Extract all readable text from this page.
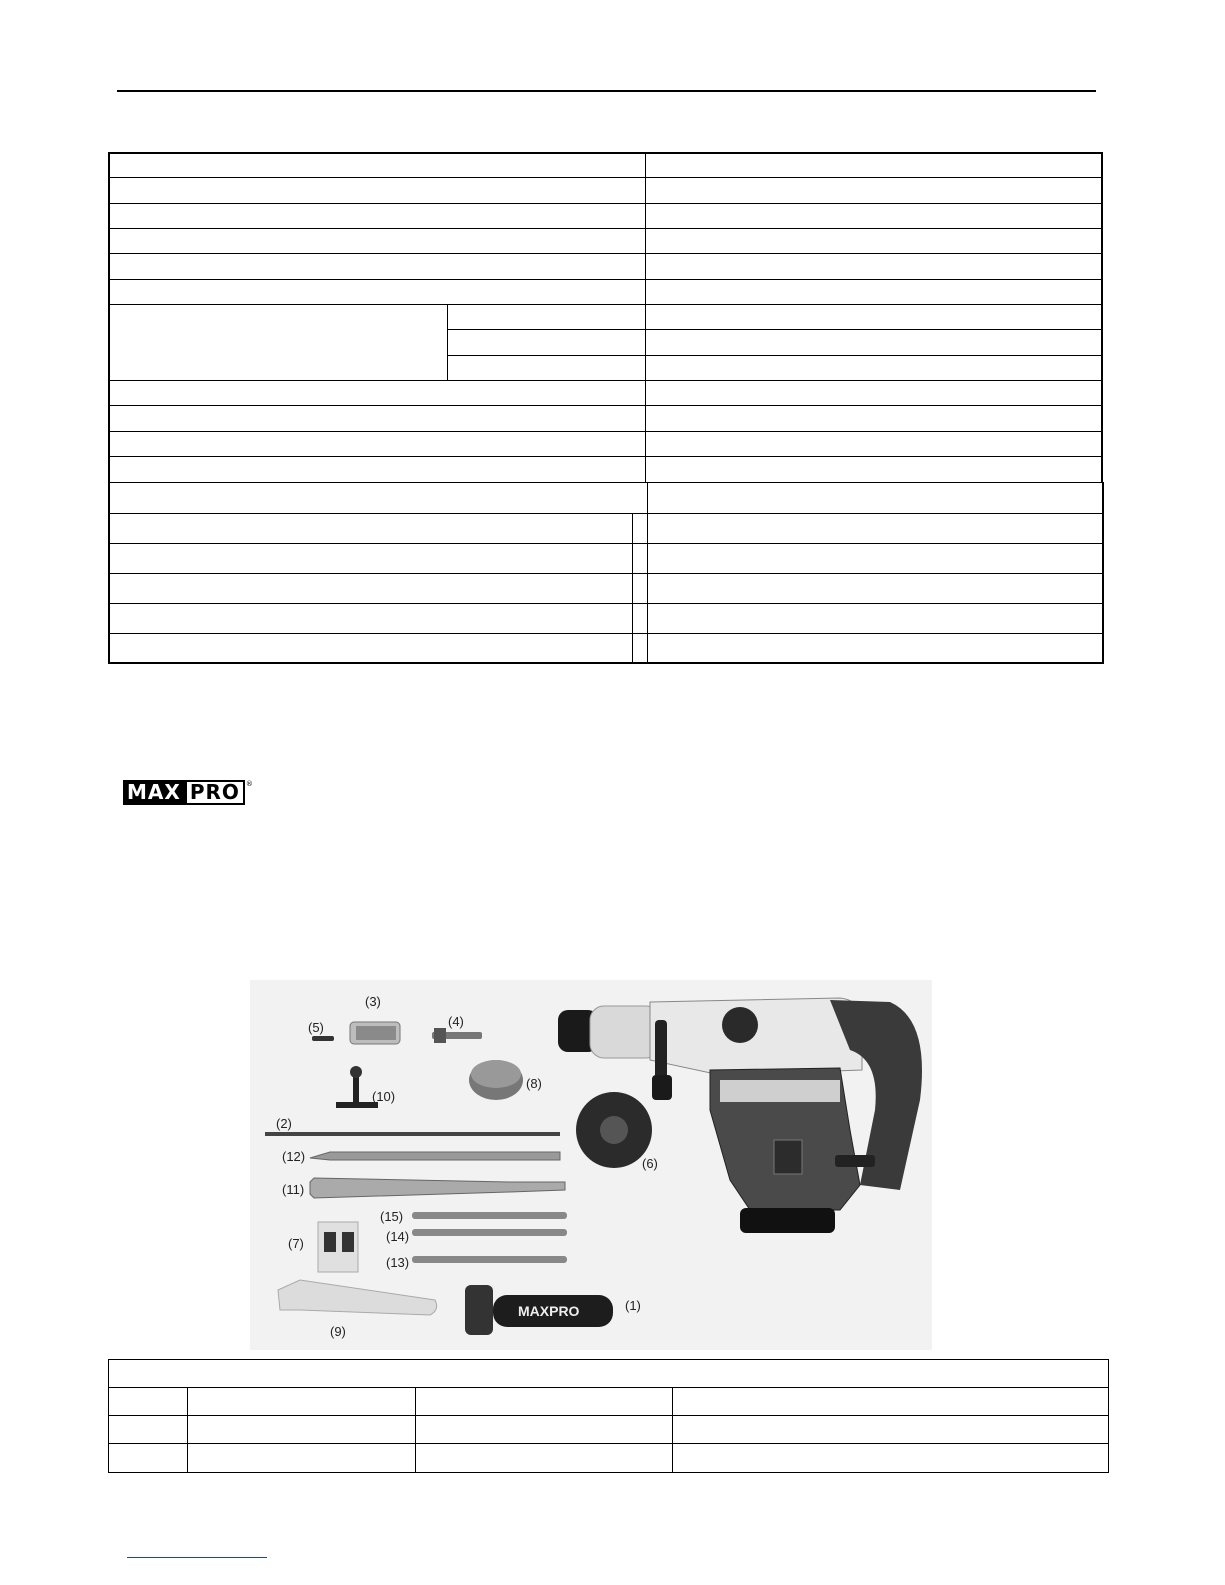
MAX PRO ®
MAXPRO	(1)
(2)
(3)
(4)
(5)
(6)
(7)
(8)
(9)
(10)
(11)
(12)
(13)
(14)
(15)
